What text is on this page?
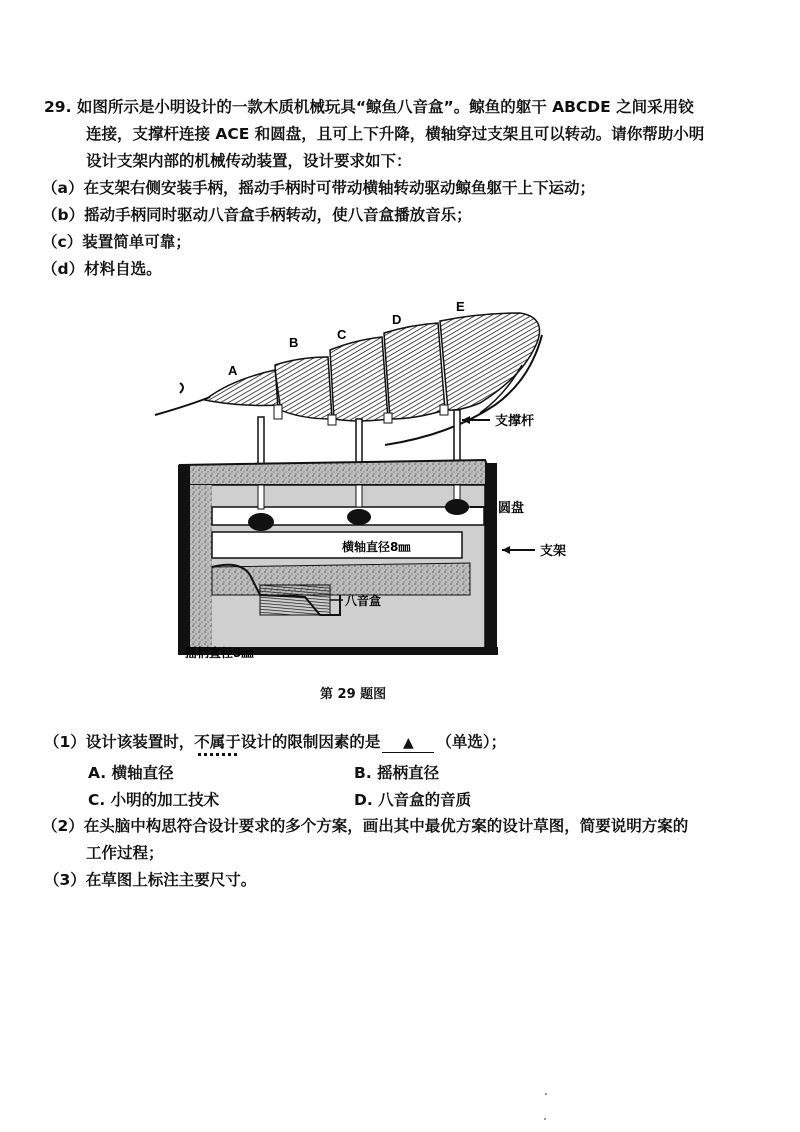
29. 如图所示是小明设计的一款木质机械玩具“鲸鱼八音盒”。鲸鱼的躯干 ABCDE 之间采用铰
连接，支撑杆连接 ACE 和圆盘，且可上下升降，横轴穿过支架且可以转动。请你帮助小明
设计支架内部的机械传动装置，设计要求如下：
（a）在支架右侧安装手柄，摇动手柄时可带动横轴转动驱动鲸鱼躯干上下运动；
（b）摇动手柄同时驱动八音盒手柄转动，使八音盒播放音乐；
（c）装置简单可靠；
（d）材料自选。
A
B
C
D
E
支撑杆
横轴直径8㎜
圆盘
支架
八音盒
摇柄直径5㎜
第 29 题图
（1）设计该装置时，不属于设计的限制因素的是 ▲ （单选）；
A. 横轴直径	B. 摇柄直径
C. 小明的加工技术	D. 八音盒的音质
（2）在头脑中构思符合设计要求的多个方案，画出其中最优方案的设计草图，简要说明方案的
工作过程；
（3）在草图上标注主要尺寸。
